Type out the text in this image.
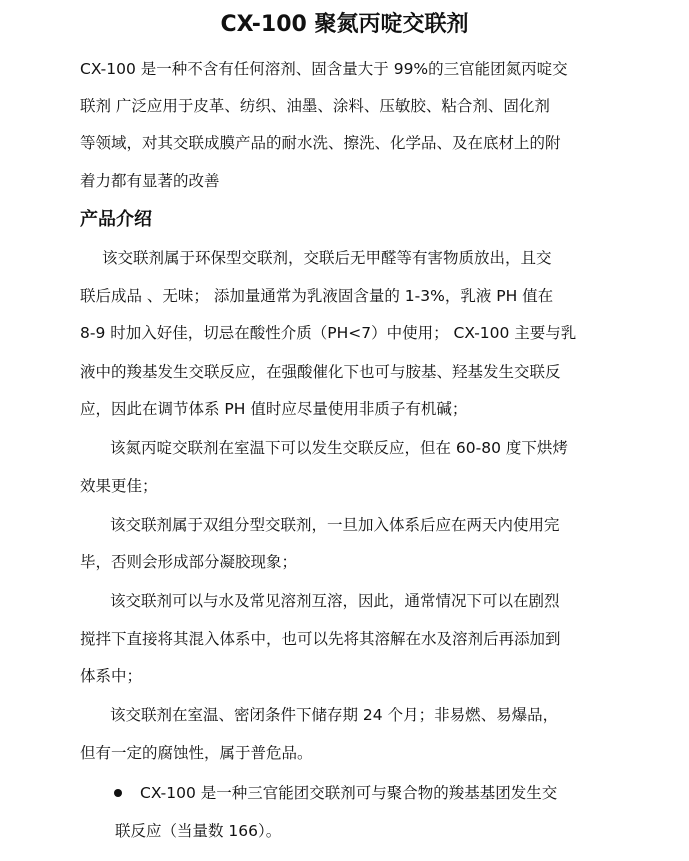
CX-100 聚氮丙啶交联剂
CX-100 是一种不含有任何溶剂、固含量大于 99%的三官能团氮丙啶交
联剂 广泛应用于皮革、纺织、油墨、涂料、压敏胶、粘合剂、固化剂
等领域，对其交联成膜产品的耐水洗、擦洗、化学品、及在底材上的附
着力都有显著的改善
产品介绍
该交联剂属于环保型交联剂，交联后无甲醛等有害物质放出，且交
联后成品 、无味； 添加量通常为乳液固含量的 1-3%，乳液 PH 值在
8-9 时加入好佳，切忌在酸性介质（PH<7）中使用； CX-100 主要与乳
液中的羧基发生交联反应，在强酸催化下也可与胺基、羟基发生交联反
应，因此在调节体系 PH 值时应尽量使用非质子有机碱；
该氮丙啶交联剂在室温下可以发生交联反应，但在 60-80 度下烘烤
效果更佳；
该交联剂属于双组分型交联剂，一旦加入体系后应在两天内使用完
毕，否则会形成部分凝胶现象；
该交联剂可以与水及常见溶剂互溶，因此，通常情况下可以在剧烈
搅拌下直接将其混入体系中，也可以先将其溶解在水及溶剂后再添加到
体系中；
该交联剂在室温、密闭条件下储存期 24 个月；非易燃、易爆品，
但有一定的腐蚀性，属于普危品。
CX-100 是一种三官能团交联剂可与聚合物的羧基基团发生交
联反应（当量数 166）。
